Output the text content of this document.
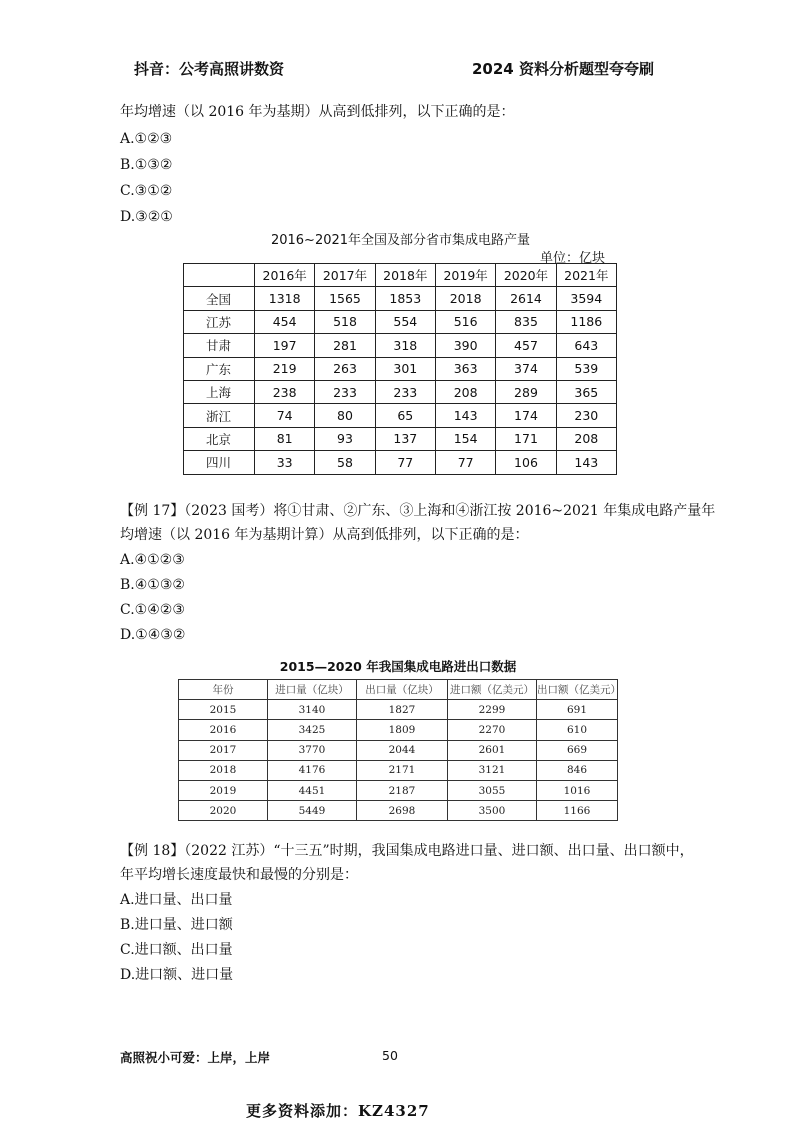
抖音：公考高照讲数资	2024 资料分析题型夸夸刷
年均增速（以 2016 年为基期）从高到低排列，以下正确的是：
A.①②③
B.①③②
C.③①②
D.③②①
2016~2021年全国及部分省市集成电路产量
单位：亿块
	2016年	2017年	2018年	2019年	2020年	2021年
全国	1318	1565	1853	2018	2614	3594
江苏	454	518	554	516	835	1186
甘肃	197	281	318	390	457	643
广东	219	263	301	363	374	539
上海	238	233	233	208	289	365
浙江	74	80	65	143	174	230
北京	81	93	137	154	171	208
四川	33	58	77	77	106	143
【例 17】（2023 国考）将①甘肃、②广东、③上海和④浙江按 2016~2021 年集成电路产量年
均增速（以 2016 年为基期计算）从高到低排列，以下正确的是：
A.④①②③
B.④①③②
C.①④②③
D.①④③②
2015—2020 年我国集成电路进出口数据
年份	进口量（亿块）	出口量（亿块）	进口额（亿美元）	出口额（亿美元）
2015	3140	1827	2299	691
2016	3425	1809	2270	610
2017	3770	2044	2601	669
2018	4176	2171	3121	846
2019	4451	2187	3055	1016
2020	5449	2698	3500	1166
【例 18】（2022 江苏）“十三五”时期，我国集成电路进口量、进口额、出口量、出口额中，
年平均增长速度最快和最慢的分别是：
A.进口量、出口量
B.进口量、进口额
C.进口额、出口量
D.进口额、进口量
高照祝小可爱：上岸，上岸	50
更多资料添加：KZ4327
